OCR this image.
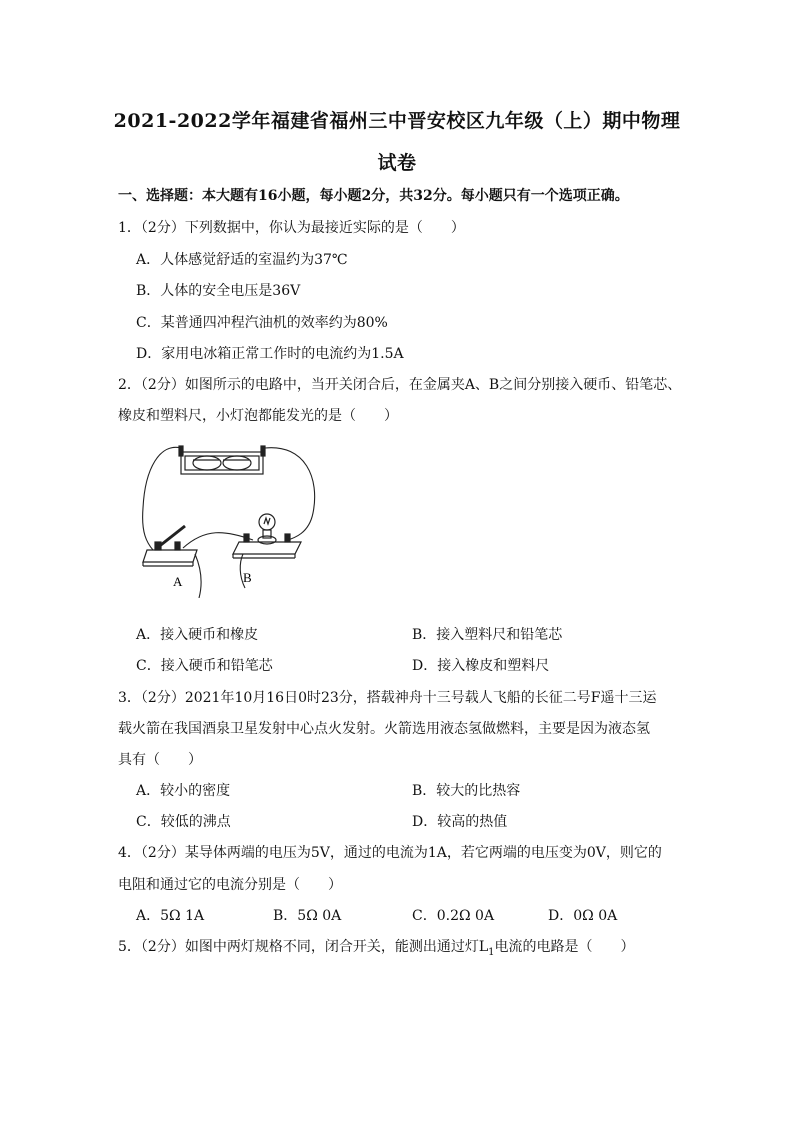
2021-2022学年福建省福州三中晋安校区九年级（上）期中物理
试卷
一、选择题：本大题有16小题，每小题2分，共32分。每小题只有一个选项正确。
1．（2分）下列数据中，你认为最接近实际的是（　　）
A．人体感觉舒适的室温约为37℃
B．人体的安全电压是36V
C．某普通四冲程汽油机的效率约为80%
D．家用电冰箱正常工作时的电流约为1.5A
2．（2分）如图所示的电路中，当开关闭合后，在金属夹A、B之间分别接入硬币、铅笔芯、
橡皮和塑料尺，小灯泡都能发光的是（　　）
A	B
A．接入硬币和橡皮	B．接入塑料尺和铅笔芯
C．接入硬币和铅笔芯	D．接入橡皮和塑料尺
3．（2分）2021年10月16日0时23分，搭载神舟十三号载人飞船的长征二号F遥十三运
载火箭在我国酒泉卫星发射中心点火发射。火箭选用液态氢做燃料，主要是因为液态氢
具有（　　）
A．较小的密度	B．较大的比热容
C．较低的沸点	D．较高的热值
4．（2分）某导体两端的电压为5V，通过的电流为1A，若它两端的电压变为0V，则它的
电阻和通过它的电流分别是（　　）
A．5Ω 1A	B．5Ω 0A	C．0.2Ω 0A	D．0Ω 0A
5．（2分）如图中两灯规格不同，闭合开关，能测出通过灯$L_1$电流的电路是（　　）
